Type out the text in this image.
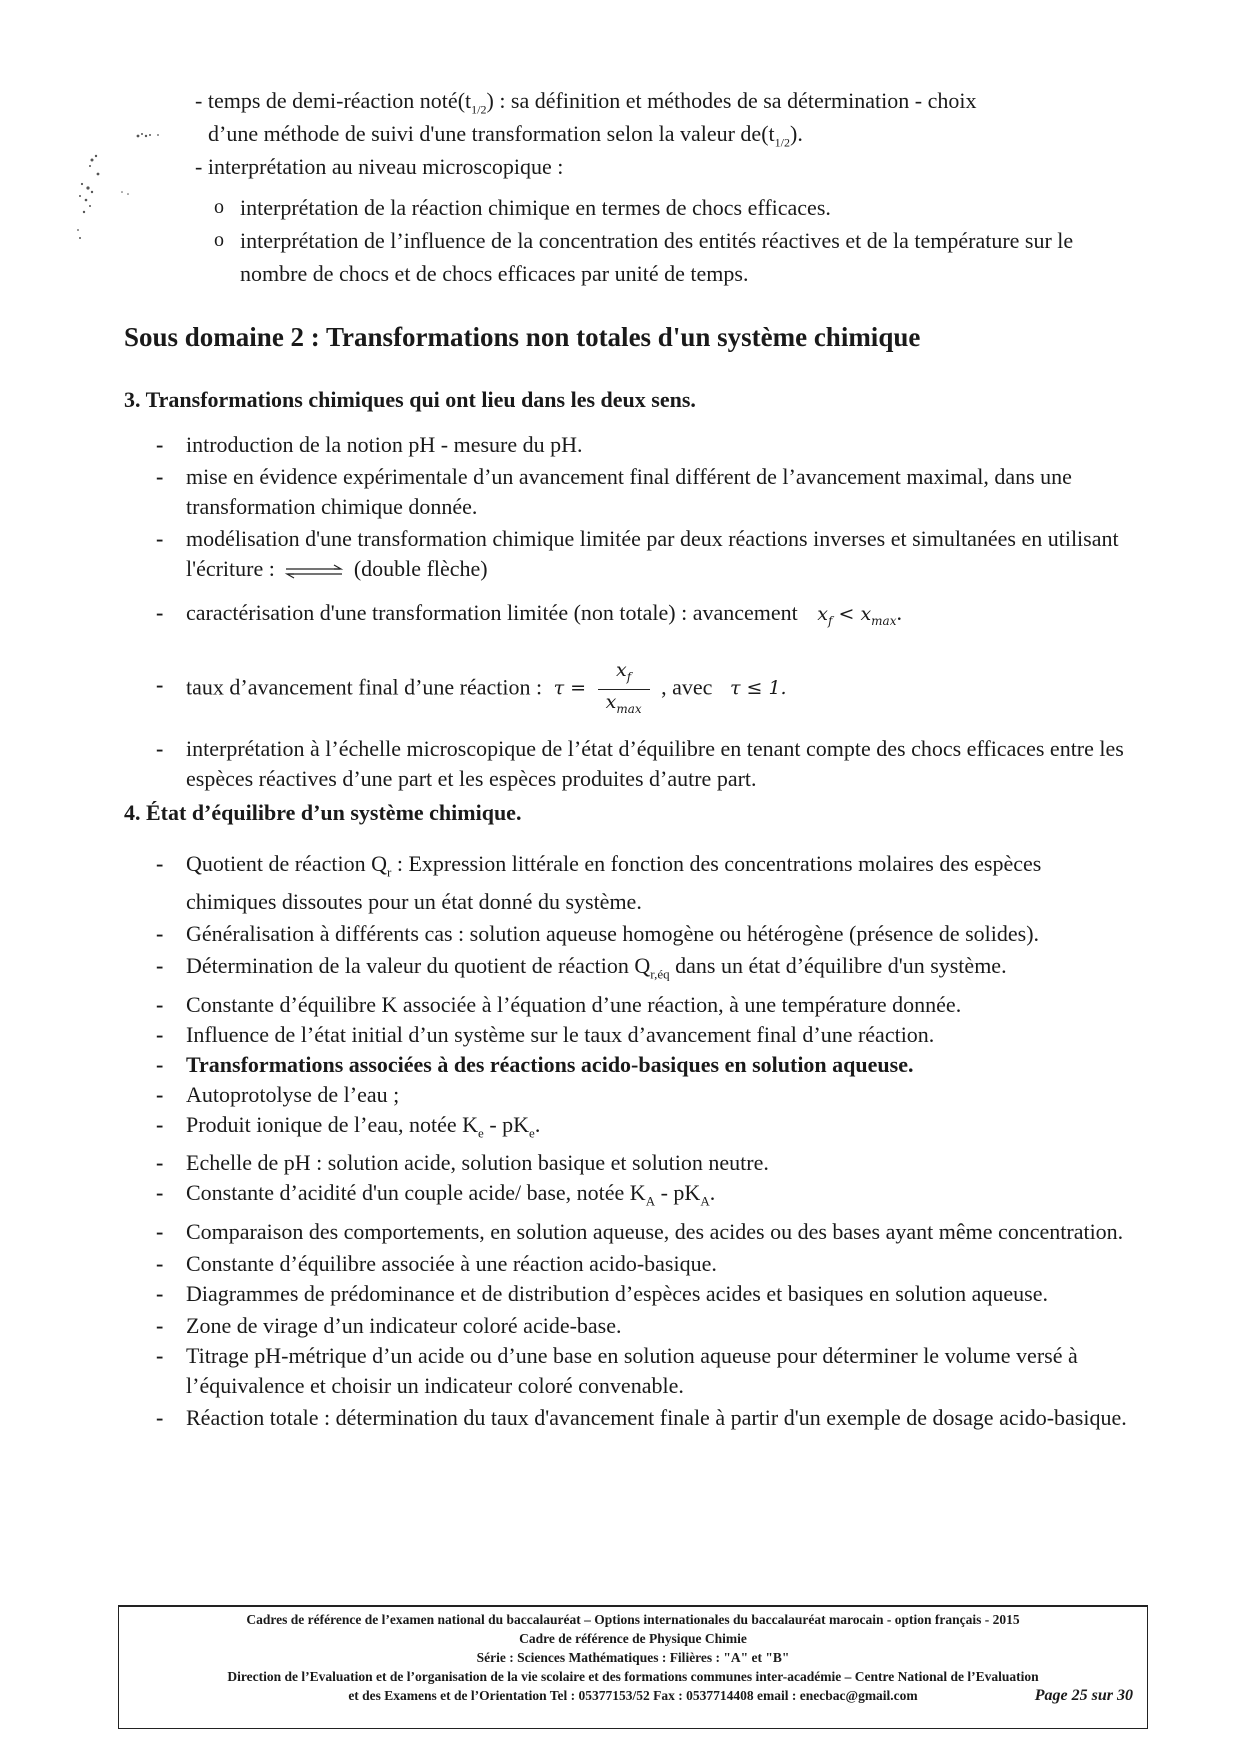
- temps de demi-réaction $noté(t_{1/2})$ : sa définition et méthodes de sa détermination - choix
d’une méthode de suivi d'une transformation selon la valeur $de(t_{1/2})$.
- interprétation au niveau microscopique :
o interprétation de la réaction chimique en termes de chocs efficaces.
o interprétation de l’influence de la concentration des entités réactives et de la température sur le nombre de chocs et de chocs efficaces par unité de temps.
Sous domaine 2 : Transformations non totales d'un système chimique
3. Transformations chimiques qui ont lieu dans les deux sens.
- introduction de la notion pH - mesure du pH.
- mise en évidence expérimentale d’un avancement final différent de l’avancement maximal, dans une transformation chimique donnée.
- modélisation d'une transformation chimique limitée par deux réactions inverses et simultanées en utilisant l'écriture :	(double flèche)
- caractérisation d'une transformation limitée (non totale) : avancement $x_f < x_{max}$.
- taux d’avancement final d’une réaction : $\tau = \frac{x_f}{x_{max}}$ , avec τ ≤ 1.
- interprétation à l’échelle microscopique de l’état d’équilibre en tenant compte des chocs efficaces entre les espèces réactives d’une part et les espèces produites d’autre part.
4. État d’équilibre d’un système chimique.
- Quotient de réaction $Q_r$ : Expression littérale en fonction des concentrations molaires des espèces chimiques dissoutes pour un état donné du système.
- Généralisation à différents cas : solution aqueuse homogène ou hétérogène (présence de solides).
- Détermination de la valeur du quotient de réaction $Q_{r,éq}$ dans un état d’équilibre d'un système.
- Constante d’équilibre K associée à l’équation d’une réaction, à une température donnée.
- Influence de l’état initial d’un système sur le taux d’avancement final d’une réaction.
- Transformations associées à des réactions acido-basiques en solution aqueuse.
- Autoprotolyse de l’eau ;
- Produit ionique de l’eau, notée $K_e - pK_e$.
- Echelle de pH : solution acide, solution basique et solution neutre.
- Constante d’acidité d'un couple acide/ base, notée $K_A - pK_A$.
- Comparaison des comportements, en solution aqueuse, des acides ou des bases ayant même concentration.
- Constante d’équilibre associée à une réaction acido-basique.
- Diagrammes de prédominance et de distribution d’espèces acides et basiques en solution aqueuse.
- Zone de virage d’un indicateur coloré acide-base.
- Titrage pH-métrique d’un acide ou d’une base en solution aqueuse pour déterminer le volume versé à l’équivalence et choisir un indicateur coloré convenable.
- Réaction totale : détermination du taux d'avancement finale à partir d'un exemple de dosage acido-basique.
Cadres de référence de l’examen national du baccalauréat – Options internationales du baccalauréat marocain - option français - 2015
Cadre de référence de Physique Chimie
Série : Sciences Mathématiques : Filières : "A" et "B"
Direction de l’Evaluation et de l’organisation de la vie scolaire et des formations communes inter-académie – Centre National de l’Evaluation
et des Examens et de l’Orientation Tel : 05377153/52 Fax : 0537714408 email : enecbac@gmail.com	Page 25 sur 30
